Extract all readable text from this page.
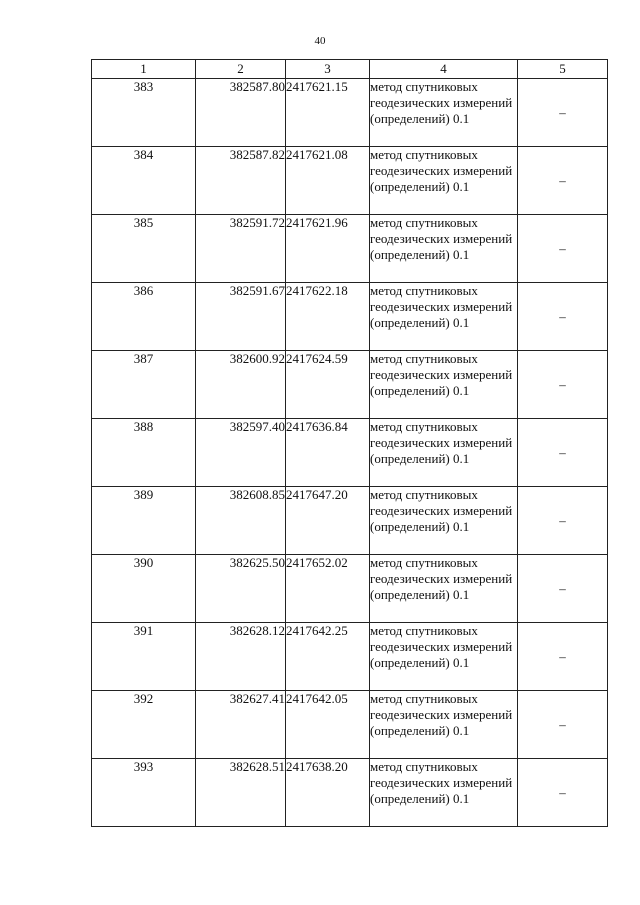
40
1	2	3	4	5
383	382587.80	2417621.15	метод спутниковых геодезических измерений (определений) 0.1	–
384	382587.82	2417621.08	метод спутниковых геодезических измерений (определений) 0.1	–
385	382591.72	2417621.96	метод спутниковых геодезических измерений (определений) 0.1	–
386	382591.67	2417622.18	метод спутниковых геодезических измерений (определений) 0.1	–
387	382600.92	2417624.59	метод спутниковых геодезических измерений (определений) 0.1	–
388	382597.40	2417636.84	метод спутниковых геодезических измерений (определений) 0.1	–
389	382608.85	2417647.20	метод спутниковых геодезических измерений (определений) 0.1	–
390	382625.50	2417652.02	метод спутниковых геодезических измерений (определений) 0.1	–
391	382628.12	2417642.25	метод спутниковых геодезических измерений (определений) 0.1	–
392	382627.41	2417642.05	метод спутниковых геодезических измерений (определений) 0.1	–
393	382628.51	2417638.20	метод спутниковых геодезических измерений (определений) 0.1	–
